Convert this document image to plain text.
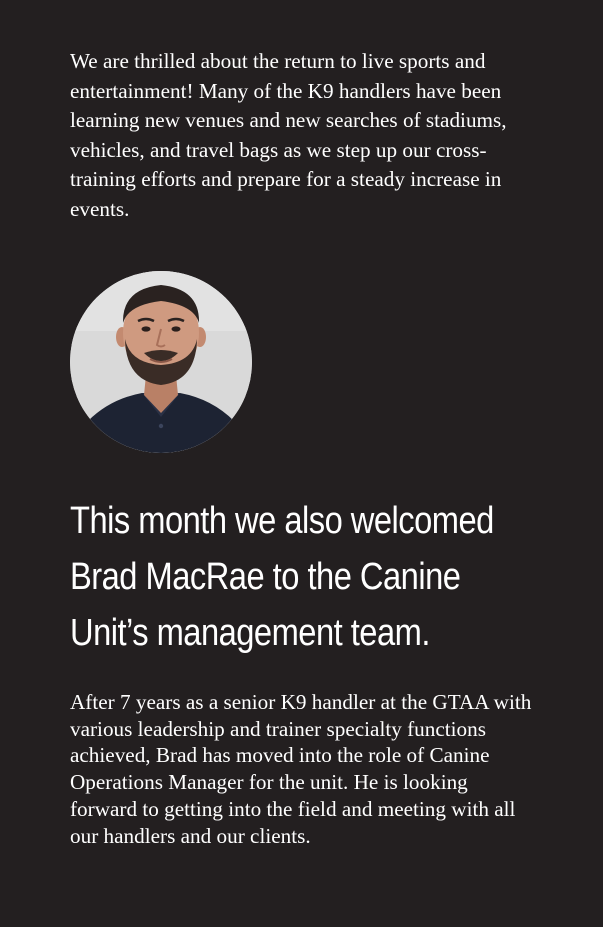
We are thrilled about the return to live sports and entertainment! Many of the K9 handlers have been learning new venues and new searches of stadiums, vehicles, and travel bags as we step up our cross-training efforts and prepare for a steady increase in events.

This month we also welcomed Brad MacRae to the Canine Unit’s management team.

After 7 years as a senior K9 handler at the GTAA with various leadership and trainer specialty functions achieved, Brad has moved into the role of Canine Operations Manager for the unit. He is looking forward to getting into the field and meeting with all our handlers and our clients.
